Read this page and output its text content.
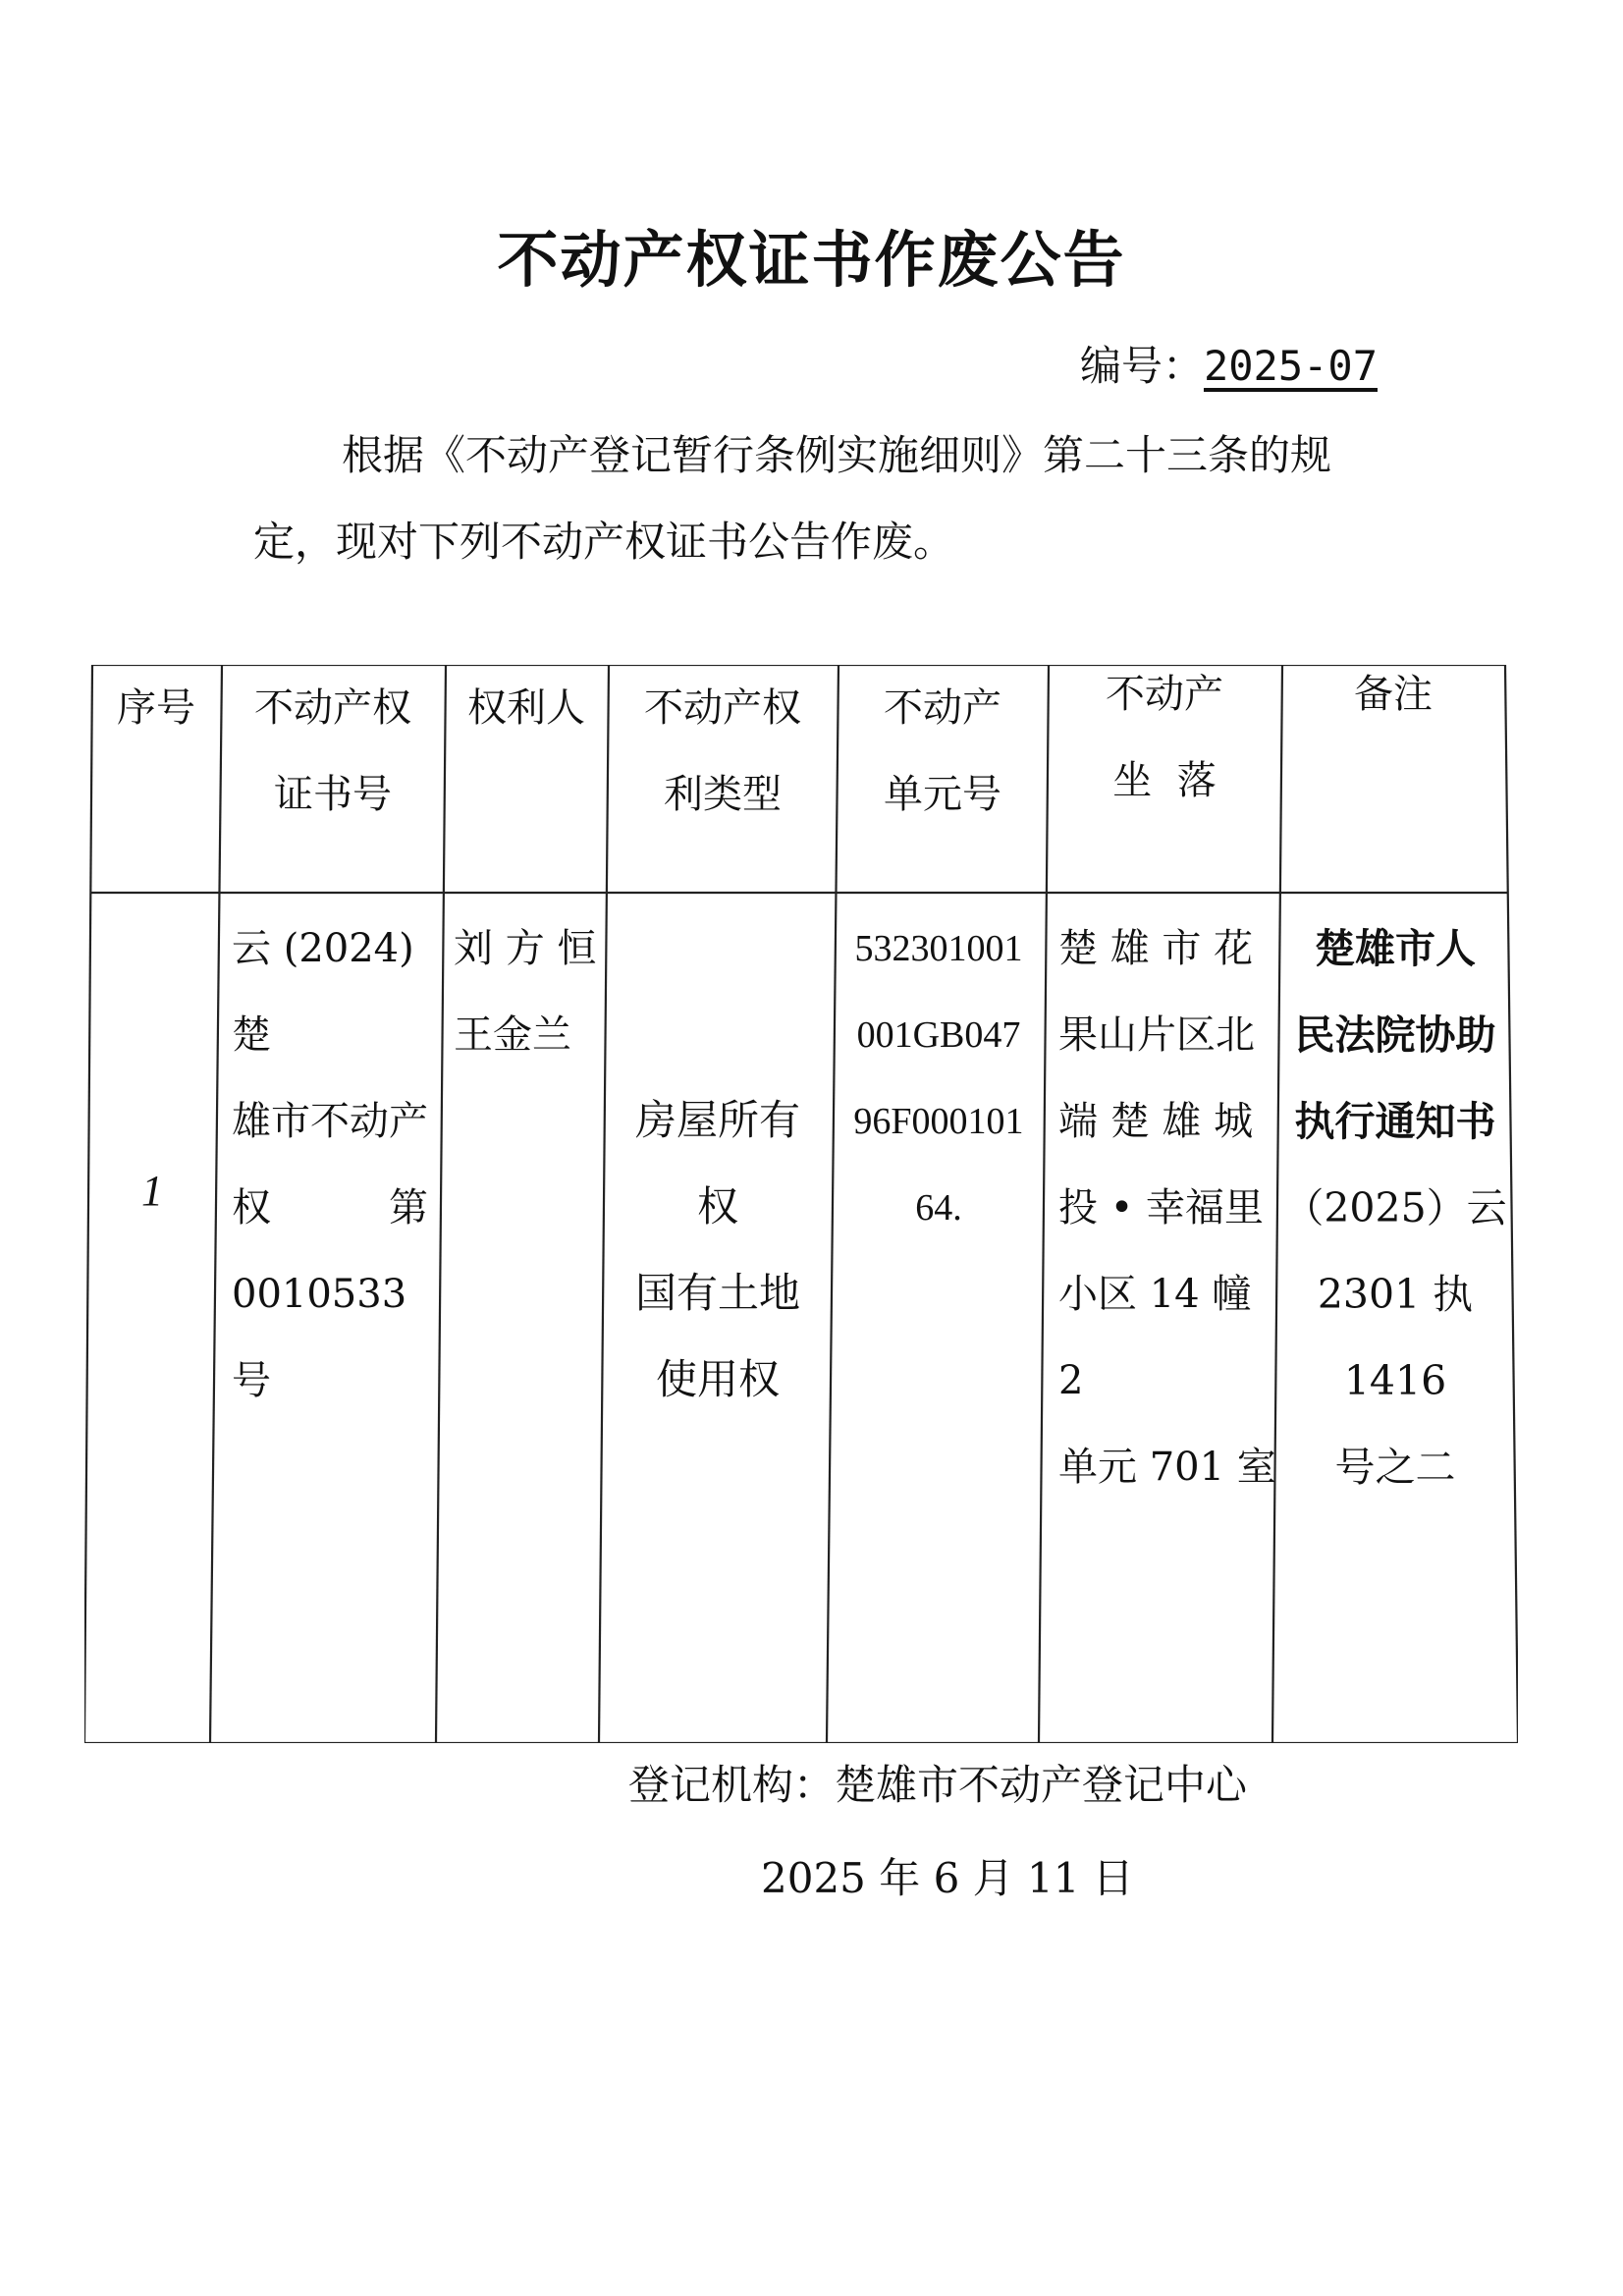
不动产权证书作废公告
编号：2025-07
根据《不动产登记暂行条例实施细则》第二十三条的规定，现对下列不动产权证书公告作废。
序号	不动产权
证书号
权利人	不动产权
利类型
不动产
单元号
不动产
坐  落
备注
1
云 (2024) 楚
雄市不动产
权　　　第
0010533 号
刘 方 恒
王金兰
房屋所有
权
国有土地
使用权
532301001
001GB047
96F000101
64.
楚 雄 市 花
果山片区北
端 楚 雄 城
投 • 幸福里
小区 14 幢 2
单元 701 室
楚雄市人
民法院协助
执行通知书
（2025）云
2301 执 1416
号之二
登记机构：楚雄市不动产登记中心
2025 年 6 月 11 日
